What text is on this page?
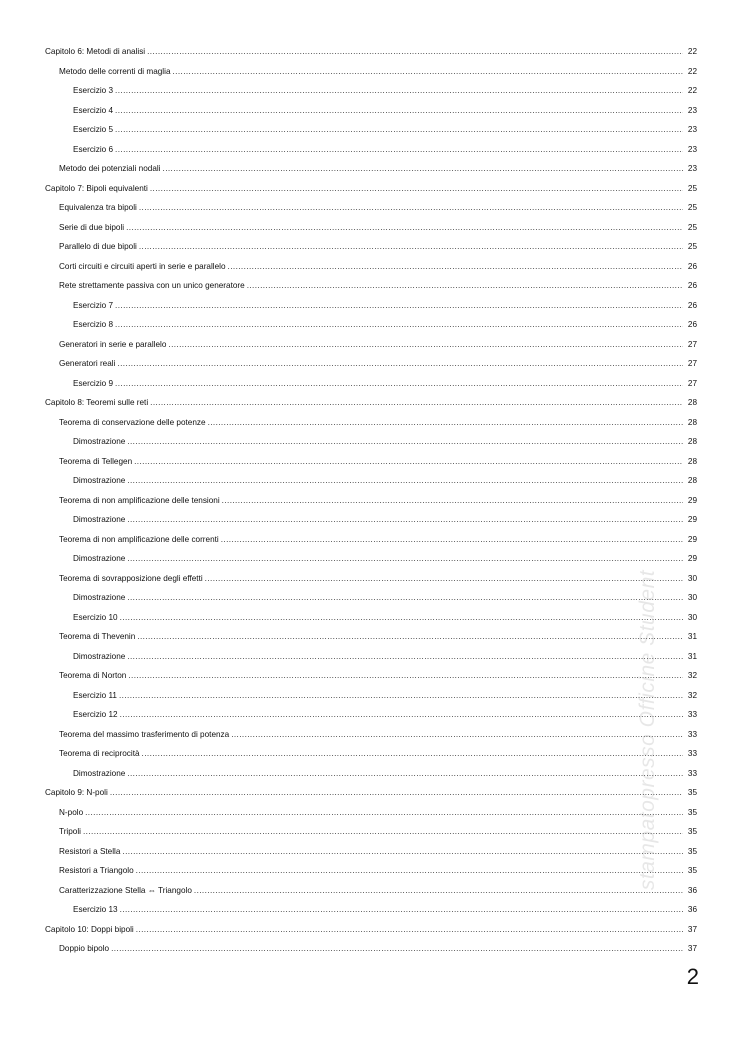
Capitolo 6: Metodi di analisi .....	22
Metodo delle correnti di maglia .....	22
Esercizio 3 .....	22
Esercizio 4 .....	23
Esercizio 5 .....	23
Esercizio 6 .....	23
Metodo dei potenziali nodali .....	23
Capitolo 7: Bipoli equivalenti .....	25
Equivalenza tra bipoli .....	25
Serie di due bipoli .....	25
Parallelo di due bipoli .....	25
Corti circuiti e circuiti aperti in serie e parallelo .....	26
Rete strettamente passiva con un unico generatore .....	26
Esercizio 7 .....	26
Esercizio 8 .....	26
Generatori in serie e parallelo .....	27
Generatori reali .....	27
Esercizio 9 .....	27
Capitolo 8: Teoremi sulle reti .....	28
Teorema di conservazione delle potenze .....	28
Dimostrazione .....	28
Teorema di Tellegen .....	28
Dimostrazione .....	28
Teorema di non amplificazione delle tensioni .....	29
Dimostrazione .....	29
Teorema di non amplificazione delle correnti .....	29
Dimostrazione .....	29
Teorema di sovrapposizione degli effetti .....	30
Dimostrazione .....	30
Esercizio 10 .....	30
Teorema di Thevenin .....	31
Dimostrazione .....	31
Teorema di Norton .....	32
Esercizio 11 .....	32
Esercizio 12 .....	33
Teorema del massimo trasferimento di potenza .....	33
Teorema di reciprocità .....	33
Dimostrazione .....	33
Capitolo 9: N-poli .....	35
N-polo .....	35
Tripoli .....	35
Resistori a Stella .....	35
Resistori a Triangolo .....	35
Caratterizzazione Stella ⇔ Triangolo .....	36
Esercizio 13 .....	36
Capitolo 10: Doppi bipoli .....	37
Doppio bipolo .....	37
2
stampatopresso Officine Student
